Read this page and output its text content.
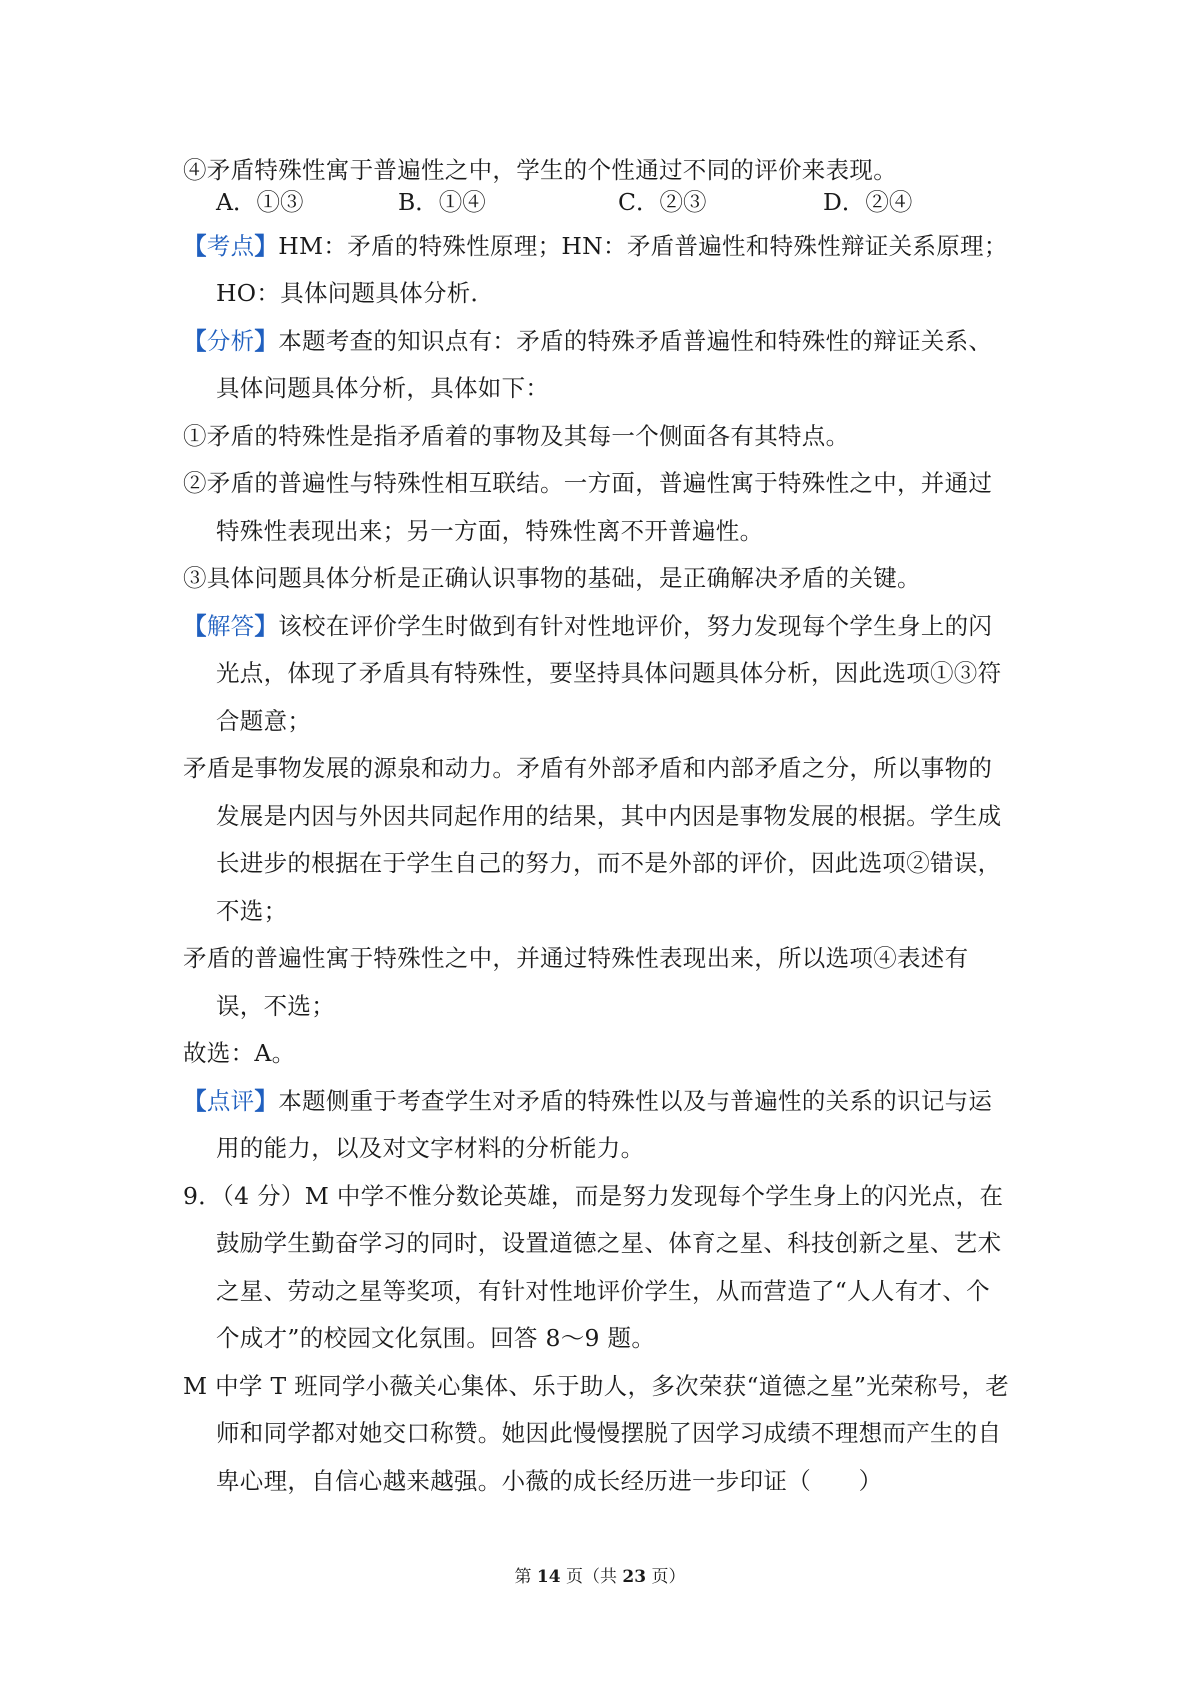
④矛盾特殊性寓于普遍性之中，学生的个性通过不同的评价来表现。
A．①③	B．①④	C．②③	D．②④
【考点】HM：矛盾的特殊性原理；HN：矛盾普遍性和特殊性辩证关系原理；
HO：具体问题具体分析．
【分析】本题考查的知识点有：矛盾的特殊矛盾普遍性和特殊性的辩证关系、
具体问题具体分析，具体如下：
①矛盾的特殊性是指矛盾着的事物及其每一个侧面各有其特点。
②矛盾的普遍性与特殊性相互联结。一方面，普遍性寓于特殊性之中，并通过
特殊性表现出来；另一方面，特殊性离不开普遍性。
③具体问题具体分析是正确认识事物的基础，是正确解决矛盾的关键。
【解答】该校在评价学生时做到有针对性地评价，努力发现每个学生身上的闪
光点，体现了矛盾具有特殊性，要坚持具体问题具体分析，因此选项①③符
合题意；
矛盾是事物发展的源泉和动力。矛盾有外部矛盾和内部矛盾之分，所以事物的
发展是内因与外因共同起作用的结果，其中内因是事物发展的根据。学生成
长进步的根据在于学生自己的努力，而不是外部的评价，因此选项②错误，
不选；
矛盾的普遍性寓于特殊性之中，并通过特殊性表现出来，所以选项④表述有
误，不选；
故选：A。
【点评】本题侧重于考查学生对矛盾的特殊性以及与普遍性的关系的识记与运
用的能力，以及对文字材料的分析能力。
9．（4 分）M 中学不惟分数论英雄，而是努力发现每个学生身上的闪光点，在
鼓励学生勤奋学习的同时，设置道德之星、体育之星、科技创新之星、艺术
之星、劳动之星等奖项，有针对性地评价学生，从而营造了“人人有才、个
个成才”的校园文化氛围。回答 8～9 题。
M 中学 T 班同学小薇关心集体、乐于助人，多次荣获“道德之星”光荣称号，老
师和同学都对她交口称赞。她因此慢慢摆脱了因学习成绩不理想而产生的自
卑心理，自信心越来越强。小薇的成长经历进一步印证（　　）
第 14 页（共 23 页）
